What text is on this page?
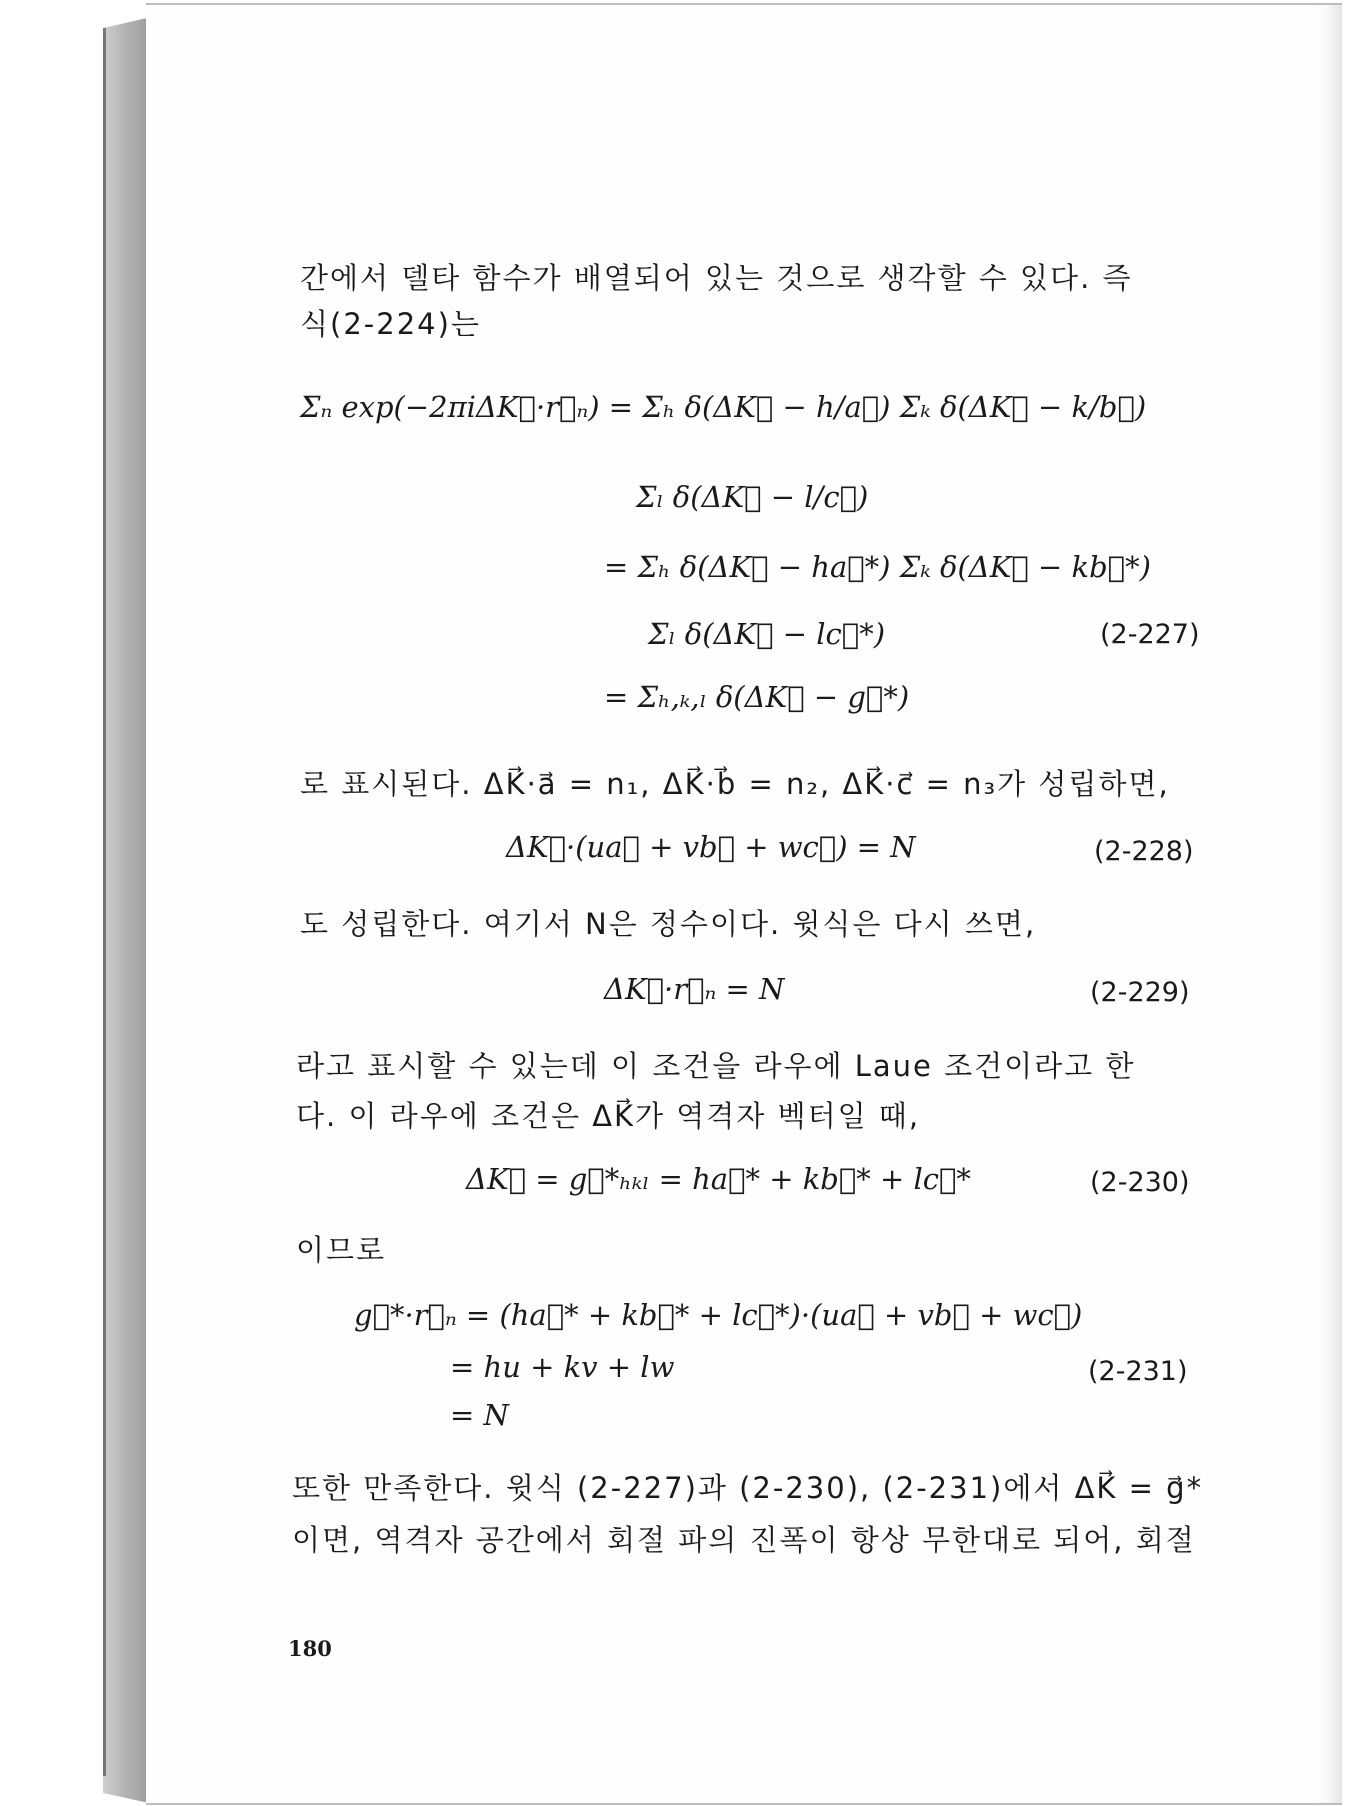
간에서 델타 함수가 배열되어 있는 것으로 생각할 수 있다. 즉
식(2-224)는
Σₙ exp(−2πiΔK⃗·r⃗ₙ) = Σₕ δ(ΔK⃗ − h/a⃗) Σₖ δ(ΔK⃗ − k/b⃗)
Σₗ δ(ΔK⃗ − l/c⃗)
= Σₕ δ(ΔK⃗ − ha⃗*) Σₖ δ(ΔK⃗ − kb⃗*)
Σₗ δ(ΔK⃗ − lc⃗*)	(2-227)
= Σₕ,ₖ,ₗ δ(ΔK⃗ − g⃗*)
로 표시된다. ΔK⃗·a⃗ = n₁, ΔK⃗·b⃗ = n₂, ΔK⃗·c⃗ = n₃가 성립하면,
ΔK⃗·(ua⃗ + vb⃗ + wc⃗) = N	(2-228)
도 성립한다. 여기서 N은 정수이다. 윗식은 다시 쓰면,
ΔK⃗·r⃗ₙ = N	(2-229)
라고 표시할 수 있는데 이 조건을 라우에 Laue 조건이라고 한
다. 이 라우에 조건은 ΔK⃗가 역격자 벡터일 때,
ΔK⃗ = g⃗*ₕₖₗ = ha⃗* + kb⃗* + lc⃗*	(2-230)
이므로
g⃗*·r⃗ₙ = (ha⃗* + kb⃗* + lc⃗*)·(ua⃗ + vb⃗ + wc⃗)
= hu + kv + lw	(2-231)
= N
또한 만족한다. 윗식 (2-227)과 (2-230), (2-231)에서 ΔK⃗ = g⃗*
이면, 역격자 공간에서 회절 파의 진폭이 항상 무한대로 되어, 회절
180
